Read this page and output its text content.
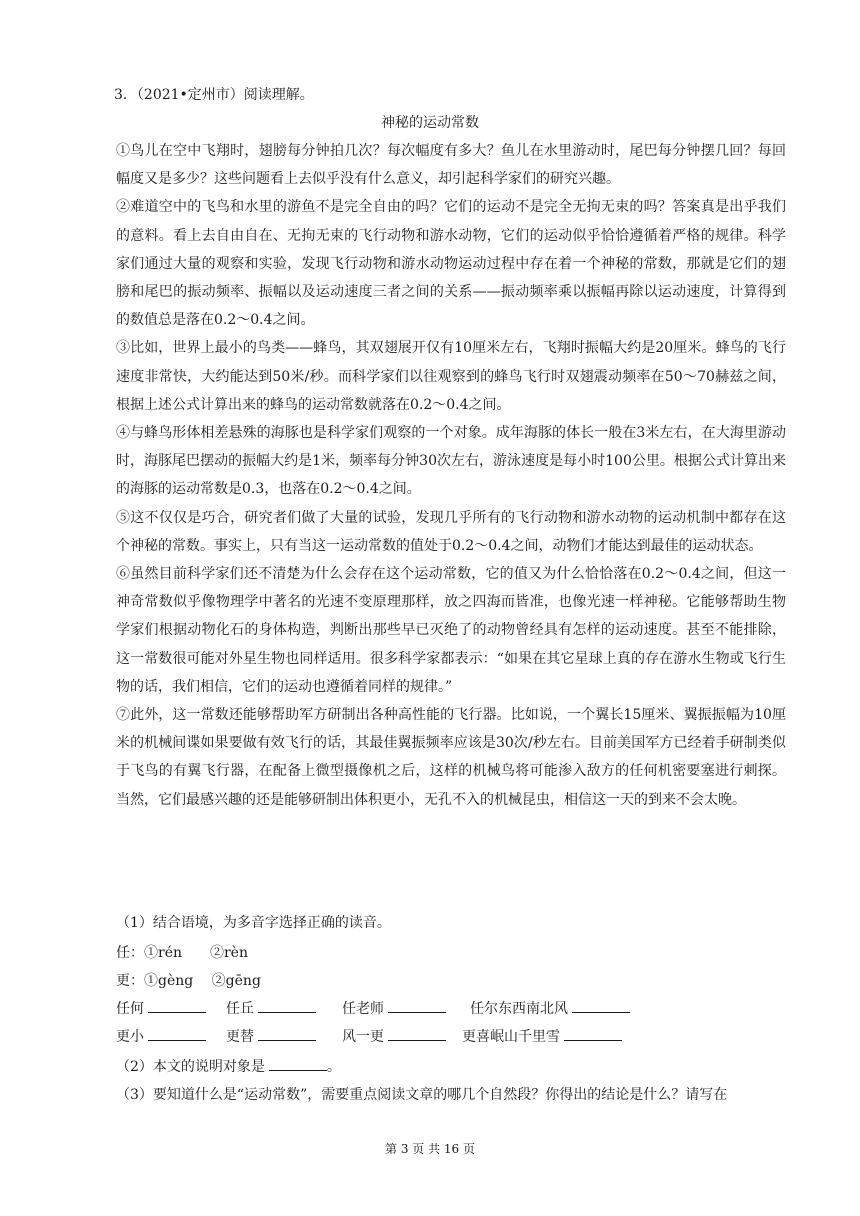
3．（2021•定州市）阅读理解。
神秘的运动常数

①鸟儿在空中飞翔时，翅膀每分钟拍几次？每次幅度有多大？鱼儿在水里游动时，尾巴每分钟摆几回？每回幅度又是多少？这些问题看上去似乎没有什么意义，却引起科学家们的研究兴趣。

②难道空中的飞鸟和水里的游鱼不是完全自由的吗？它们的运动不是完全无拘无束的吗？答案真是出乎我们的意料。看上去自由自在、无拘无束的飞行动物和游水动物，它们的运动似乎恰恰遵循着严格的规律。科学家们通过大量的观察和实验，发现飞行动物和游水动物运动过程中存在着一个神秘的常数，那就是它们的翅膀和尾巴的振动频率、振幅以及运动速度三者之间的关系——振动频率乘以振幅再除以运动速度，计算得到的数值总是落在0.2～0.4之间。

③比如，世界上最小的鸟类——蜂鸟，其双翅展开仅有10厘米左右，飞翔时振幅大约是20厘米。蜂鸟的飞行速度非常快，大约能达到50米/秒。而科学家们以往观察到的蜂鸟飞行时双翅震动频率在50～70赫兹之间，根据上述公式计算出来的蜂鸟的运动常数就落在0.2～0.4之间。

④与蜂鸟形体相差悬殊的海豚也是科学家们观察的一个对象。成年海豚的体长一般在3米左右，在大海里游动时，海豚尾巴摆动的振幅大约是1米，频率每分钟30次左右，游泳速度是每小时100公里。根据公式计算出来的海豚的运动常数是0.3，也落在0.2～0.4之间。

⑤这不仅仅是巧合，研究者们做了大量的试验，发现几乎所有的飞行动物和游水动物的运动机制中都存在这个神秘的常数。事实上，只有当这一运动常数的值处于0.2～0.4之间，动物们才能达到最佳的运动状态。

⑥虽然目前科学家们还不清楚为什么会存在这个运动常数，它的值又为什么恰恰落在0.2～0.4之间，但这一神奇常数似乎像物理学中著名的光速不变原理那样，放之四海而皆准，也像光速一样神秘。它能够帮助生物学家们根据动物化石的身体构造，判断出那些早已灭绝了的动物曾经具有怎样的运动速度。甚至不能排除，这一常数很可能对外星生物也同样适用。很多科学家都表示：“如果在其它星球上真的存在游水生物或飞行生物的话，我们相信，它们的运动也遵循着同样的规律。”

⑦此外，这一常数还能够帮助军方研制出各种高性能的飞行器。比如说，一个翼长15厘米、翼振振幅为10厘米的机械间谍如果要做有效飞行的话，其最佳翼振频率应该是30次/秒左右。目前美国军方已经着手研制类似于飞鸟的有翼飞行器，在配备上微型摄像机之后，这样的机械鸟将可能渗入敌方的任何机密要塞进行刺探。当然，它们最感兴趣的还是能够研制出体积更小，无孔不入的机械昆虫，相信这一天的到来不会太晚。

（1）结合语境，为多音字选择正确的读音。
任：①rén　　②rèn
更：①gèng　 ②gēng
任何	任丘	任老师	任尔东西南北风
更小	更替	风一更	更喜岷山千里雪
（2）本文的说明对象是	。
（3）要知道什么是“运动常数”，需要重点阅读文章的哪几个自然段？你得出的结论是什么？请写在
第 3 页 共 16 页
